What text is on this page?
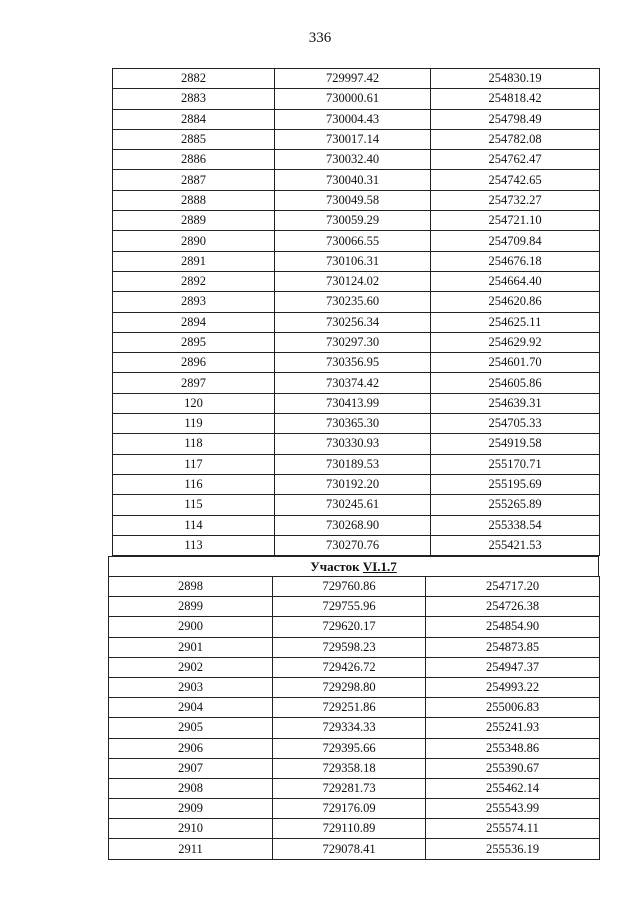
336
2882	729997.42	254830.19
2883	730000.61	254818.42
2884	730004.43	254798.49
2885	730017.14	254782.08
2886	730032.40	254762.47
2887	730040.31	254742.65
2888	730049.58	254732.27
2889	730059.29	254721.10
2890	730066.55	254709.84
2891	730106.31	254676.18
2892	730124.02	254664.40
2893	730235.60	254620.86
2894	730256.34	254625.11
2895	730297.30	254629.92
2896	730356.95	254601.70
2897	730374.42	254605.86
120	730413.99	254639.31
119	730365.30	254705.33
118	730330.93	254919.58
117	730189.53	255170.71
116	730192.20	255195.69
115	730245.61	255265.89
114	730268.90	255338.54
113	730270.76	255421.53
Участок VI.1.7
2898	729760.86	254717.20
2899	729755.96	254726.38
2900	729620.17	254854.90
2901	729598.23	254873.85
2902	729426.72	254947.37
2903	729298.80	254993.22
2904	729251.86	255006.83
2905	729334.33	255241.93
2906	729395.66	255348.86
2907	729358.18	255390.67
2908	729281.73	255462.14
2909	729176.09	255543.99
2910	729110.89	255574.11
2911	729078.41	255536.19
